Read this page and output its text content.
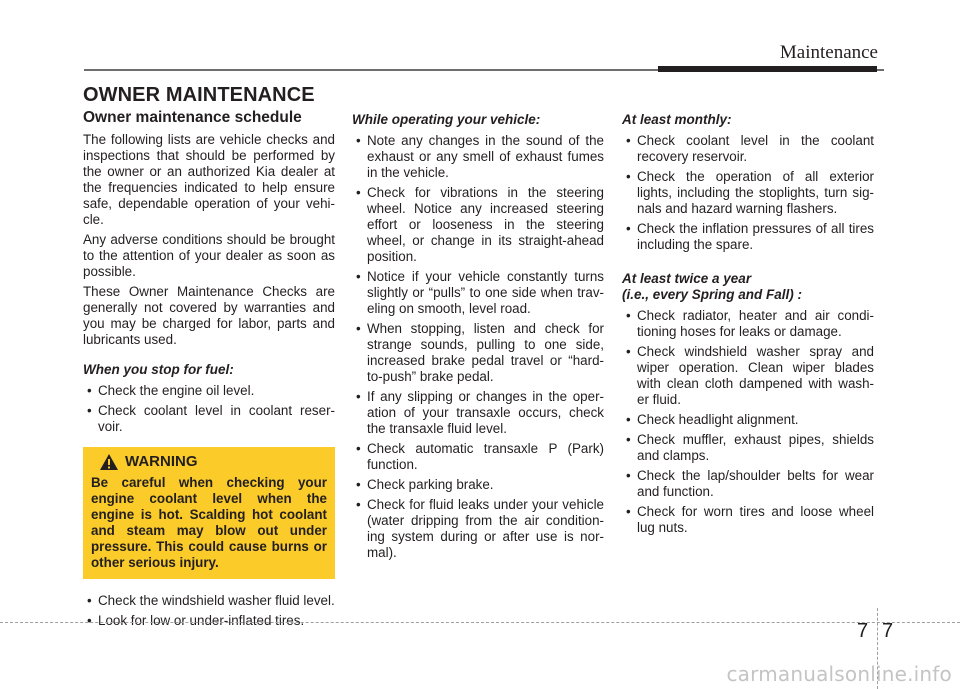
Maintenance
OWNER MAINTENANCE
Owner maintenance schedule

The following lists are vehicle checks and inspections that should be performed by the owner or an authorized Kia dealer at the frequencies indicated to help ensure safe, dependable operation of your vehi-cle.

Any adverse conditions should be brought to the attention of your dealer as soon as possible.

These Owner Maintenance Checks are generally not covered by warranties and you may be charged for labor, parts and lubricants used.

When you stop for fuel:
• Check the engine oil level.
• Check coolant level in coolant reser-voir.
WARNING
Be careful when checking your engine coolant level when the engine is hot. Scalding hot coolant and steam may blow out under pressure. This could cause burns or other serious injury.
• Check the windshield washer fluid level.
• Look for low or under-inflated tires.
While operating your vehicle:
• Note any changes in the sound of the exhaust or any smell of exhaust fumes in the vehicle.
• Check for vibrations in the steering wheel. Notice any increased steering effort or looseness in the steering wheel, or change in its straight-ahead position.
• Notice if your vehicle constantly turns slightly or “pulls” to one side when trav-eling on smooth, level road.
• When stopping, listen and check for strange sounds, pulling to one side, increased brake pedal travel or “hard-to-push” brake pedal.
• If any slipping or changes in the oper-ation of your transaxle occurs, check the transaxle fluid level.
• Check automatic transaxle P (Park) function.
• Check parking brake.
• Check for fluid leaks under your vehicle (water dripping from the air condition-ing system during or after use is nor-mal).
At least monthly:
• Check coolant level in the coolant recovery reservoir.
• Check the operation of all exterior lights, including the stoplights, turn sig-nals and hazard warning flashers.
• Check the inflation pressures of all tires including the spare.
At least twice a year
(i.e., every Spring and Fall) :
• Check radiator, heater and air condi-tioning hoses for leaks or damage.
• Check windshield washer spray and wiper operation. Clean wiper blades with clean cloth dampened with wash-er fluid.
• Check headlight alignment.
• Check muffler, exhaust pipes, shields and clamps.
• Check the lap/shoulder belts for wear and function.
• Check for worn tires and loose wheel lug nuts.
7 7
carmanualsonline.info
